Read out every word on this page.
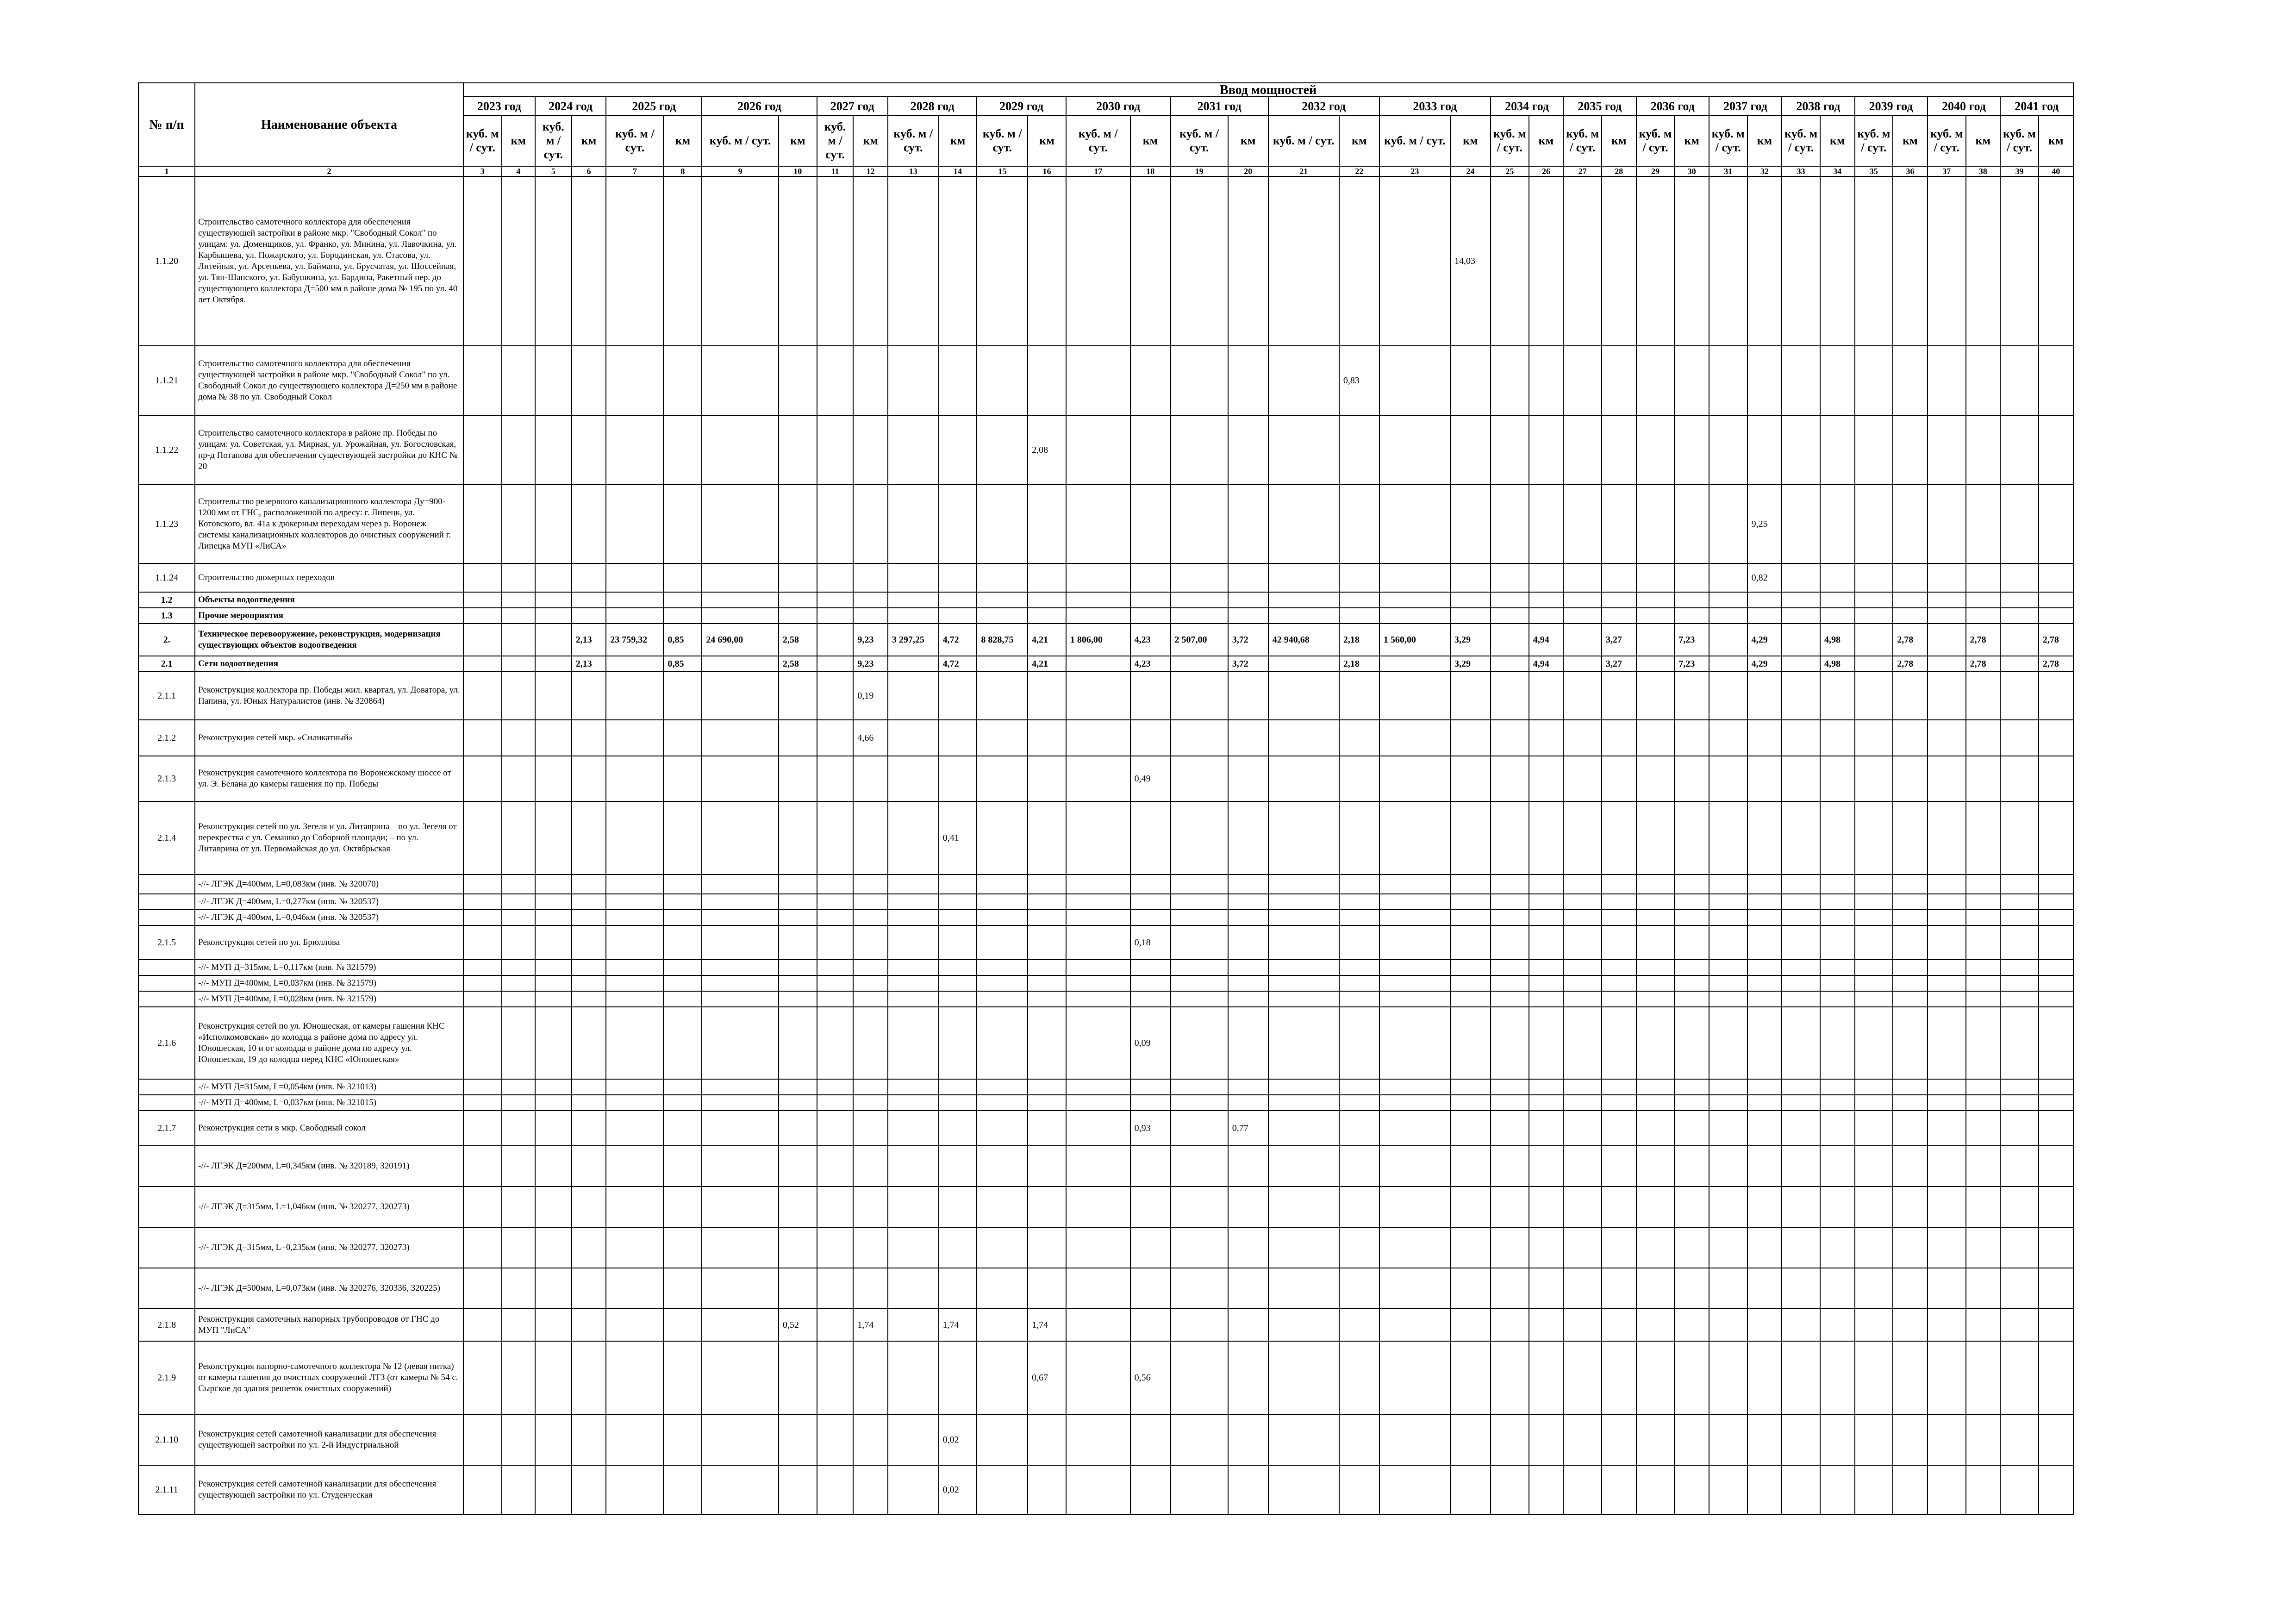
№ п/п	Наименование объекта	Ввод мощностей																																					
		2023 год		2024 год		2025 год		2026 год		2027 год		2028 год		2029 год		2030 год		2031 год		2032 год		2033 год		2034 год		2035 год		2036 год		2037 год		2038 год		2039 год		2040 год		2041 год	
		куб. м / сут.	км	куб. м / сут.	км	куб. м / сут.	км	куб. м / сут.	км	куб. м / сут.	км	куб. м / сут.	км	куб. м / сут.	км	куб. м / сут.	км	куб. м / сут.	км	куб. м / сут.	км	куб. м / сут.	км	куб. м / сут.	км	куб. м / сут.	км	куб. м / сут.	км	куб. м / сут.	км	куб. м / сут.	км	куб. м / сут.	км	куб. м / сут.	км	куб. м / сут.	км
1	2	3	4	5	6	7	8	9	10	11	12	13	14	15	16	17	18	19	20	21	22	23	24	25	26	27	28	29	30	31	32	33	34	35	36	37	38	39	40
1.1.20	Строительство самотечного коллектора для обеспечения существующей застройки в районе мкр. "Свободный Сокол" по улицам: ул. Доменщиков, ул. Франко, ул. Минина, ул. Лавочкина, ул. Карбышева, ул. Пожарского, ул. Бородинская, ул. Стасова, ул. Литейная, ул. Арсеньева, ул. Баймана, ул. Брусчатая, ул. Шоссейная, ул. Тян-Шанского, ул. Бабушкина, ул. Бардина, Ракетный пер. до существующего коллектора Д=500 мм в районе дома № 195 по ул. 40 лет Октября.																						14,03																
1.1.21	Строительство самотечного коллектора для обеспечения существующей застройки в районе мкр. "Свободный Сокол" по ул. Свободный Сокол до существующего коллектора Д=250 мм в районе дома № 38 по ул. Свободный Сокол																				0,83																		
1.1.22	Строительство самотечного коллектора в районе пр. Победы по улицам: ул. Советская, ул. Мирная, ул. Урожайная, ул. Богословская, пр-д Потапова для обеспечения существующей застройки до КНС № 20														2,08																								
1.1.23	Строительство резервного канализационного коллектора Ду=900-1200 мм от ГНС, расположенной по адресу: г. Липецк, ул. Котовского, вл. 41а к дюкерным переходам через р. Воронеж системы канализационных коллекторов до очистных сооружений г. Липецка МУП «ЛиСА»																														9,25								
1.1.24	Строительство дюкерных переходов																														0,82								
1.2	Объекты водоотведения																																						
1.3	Прочие мероприятия																																						
2.	Техническое перевооружение, реконструкция, модернизация существующих объектов водоотведения				2,13	23 759,32	0,85	24 690,00	2,58		9,23	3 297,25	4,72	8 828,75	4,21	1 806,00	4,23	2 507,00	3,72	42 940,68	2,18	1 560,00	3,29		4,94		3,27		7,23		4,29		4,98		2,78		2,78		2,78
2.1	Сети водоотведения				2,13		0,85		2,58		9,23		4,72		4,21		4,23		3,72		2,18		3,29		4,94		3,27		7,23		4,29		4,98		2,78		2,78		2,78
2.1.1	Реконструкция коллектора пр. Победы жил. квартал, ул. Доватора, ул. Папина, ул. Юных Натуралистов (инв. № 320864)										0,19																												
2.1.2	Реконструкция сетей мкр. «Силикатный»										4,66																												
2.1.3	Реконструкция самотечного коллектора по Воронежскому шоссе от ул. Э. Белана до камеры гашения по пр. Победы																0,49																						
2.1.4	Реконструкция сетей по ул. Зегеля и ул. Литаврина – по ул. Зегеля от перекрестка с ул. Семашко до Соборной площади; – по ул. Литаврина от ул. Первомайская до ул. Октябрьская												0,41																										
	-//- ЛГЭК Д=400мм, L=0,083км (инв. № 320070)																																						
	-//- ЛГЭК Д=400мм, L=0,277км (инв. № 320537)																																						
	-//- ЛГЭК Д=400мм, L=0,046км (инв. № 320537)																																						
2.1.5	Реконструкция сетей по ул. Брюллова																0,18																						
	-//- МУП Д=315мм, L=0,117км (инв. № 321579)																																						
	-//- МУП Д=400мм, L=0,037км (инв. № 321579)																																						
	-//- МУП Д=400мм, L=0,028км (инв. № 321579)																																						
2.1.6	Реконструкция сетей по ул. Юношеская, от камеры гашения КНС «Исполкомовская» до колодца в районе дома по адресу ул. Юношеская, 10 и от колодца в районе дома по адресу ул. Юношеская, 19 до колодца перед КНС «Юношеская»																0,09																						
	-//- МУП Д=315мм, L=0,054км (инв. № 321013)																																						
	-//- МУП Д=400мм, L=0,037км (инв. № 321015)																																						
2.1.7	Реконструкция сети в мкр. Свободный сокол																0,93		0,77																				
	-//- ЛГЭК Д=200мм, L=0,345км (инв. № 320189, 320191)																																						
	-//- ЛГЭК Д=315мм, L=1,046км (инв. № 320277, 320273)																																						
	-//- ЛГЭК Д=315мм, L=0,235км (инв. № 320277, 320273)																																						
	-//- ЛГЭК Д=500мм, L=0,073км (инв. № 320276, 320336, 320225)																																						
2.1.8	Реконструкция самотечных напорных трубопроводов от ГНС до МУП "ЛиСА"								0,52		1,74		1,74		1,74																								
2.1.9	Реконструкция напорно-самотечного коллектора № 12 (левая нитка) от камеры гашения до очистных сооружений ЛТЗ (от камеры № 54 с. Сырское до здания решеток очистных сооружений)														0,67		0,56																						
2.1.10	Реконструкция сетей самотечной канализации для обеспечения существующей застройки по ул. 2-й Индустриальной												0,02																										
2.1.11	Реконструкция сетей самотечной канализации для обеспечения существующей застройки по ул. Студенческая												0,02																										
